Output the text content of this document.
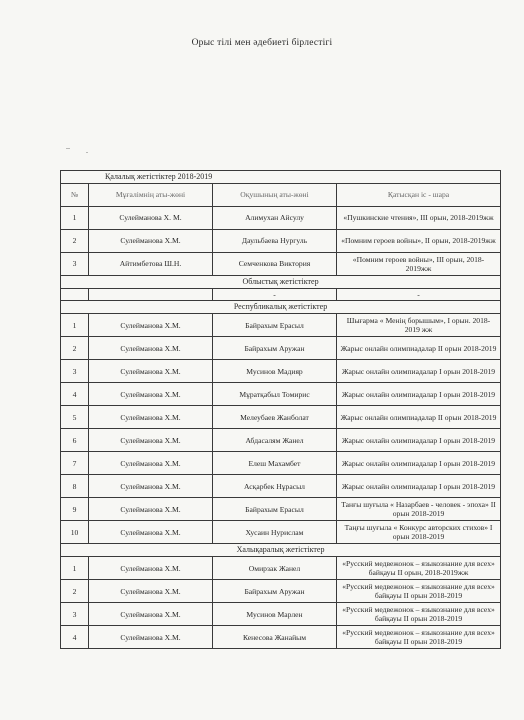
Орыс тілі мен әдебиеті бірлестігі
.. .
Қалалық жетістіктер 2018-2019			
№	Мұғалімнің аты-жөні	Оқушының аты-жөні	Қатысқан іс - шара
1	Сулейманова Х. М.	Алимухан Айсулу	«Пушкинские чтения», III орын, 2018-2019жж
2	Сулейманова Х.М.	Даульбаева Нургуль	«Помним героев войны», II орын, 2018-2019жж
3	Айтимбетова Ш.Н.	Семченкова Виктория	«Помним героев войны», III орын, 2018-2019жж
Облыстық жетістіктер			
		-	-
Республикалық жетістіктер			
1	Сулейманова Х.М.	Байрахым Ерасыл	Шығарма « Менің борышым», I орын. 2018-2019 жж
2	Сулейманова Х.М.	Байрахым Аружан	Жарыс онлайн олимпиадалар II орын 2018-2019
3	Сулейманова Х.М.	Мусинов Мадияр	Жарыс онлайн олимпиадалар I орын 2018-2019
4	Сулейманова Х.М.	Мұратқабыл Томирис	Жарыс онлайн олимпиадалар I орын 2018-2019
5	Сулейманова Х.М.	Мелеубаев Жанболат	Жарыс онлайн олимпиадалар II орын 2018-2019
6	Сулейманова Х.М.	Абдасалям Жанел	Жарыс онлайн олимпиадалар I орын 2018-2019
7	Сулейманова Х.М.	Елеш Махамбет	Жарыс онлайн олимпиадалар I орын 2018-2019
8	Сулейманова Х.М.	Асқарбек Нұрасыл	Жарыс онлайн олимпиадалар I орын 2018-2019
9	Сулейманова Х.М.	Байрахым Ерасыл	Танғы шуғыла « Назарбаев - человек - эпоха» II орын 2018-2019
10	Сулейманова Х.М.	Хусаин Нурислам	Таңғы шуғыла « Конкурс авторских стихов» I орын 2018-2019
Халықаралық жетістіктер			
1	Сулейманова Х.М.	Омирзак Жанел	«Русский медвежонок – языкознание для всех» байқауы II орын, 2018-2019жж
2	Сулейманова Х.М.	Байрахым Аружан	«Русский медвежонок – языкознание для всех» байқауы II орын 2018-2019
3	Сулейманова Х.М.	Мусинов Марлен	«Русский медвежонок – языкознание для всех» байқауы II орын 2018-2019
4	Сулейманова Х.М.	Кенесова Жанайым	«Русский медвежонок – языкознание для всех» байқауы II орын 2018-2019
